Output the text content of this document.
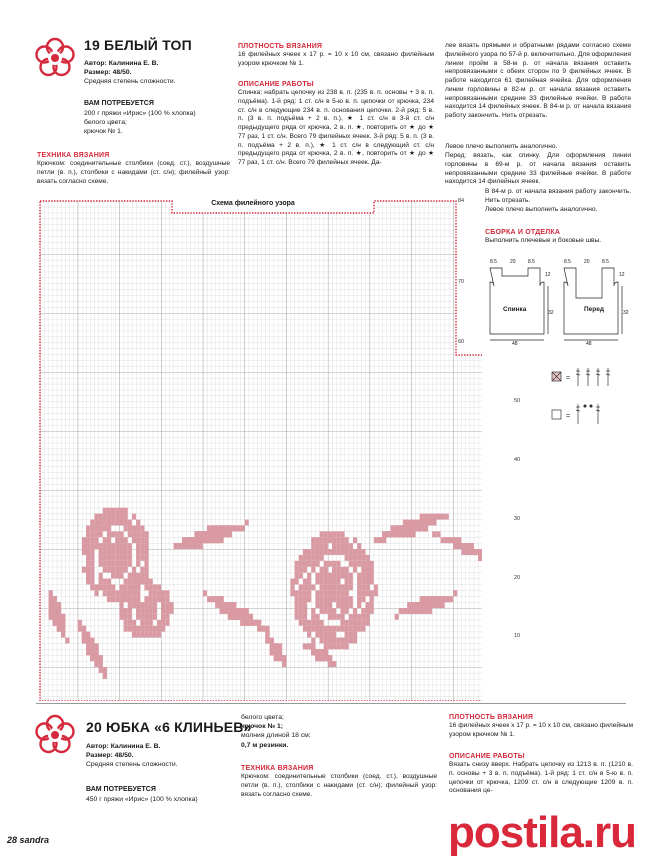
19 БЕЛЫЙ ТОП
Автор: Калинина Е. В.
Размер: 48/50.
Средняя степень сложности.
ВАМ ПОТРЕБУЕТСЯ
200 г пряжи «Ирис» (100 % хлопка)
белого цвета;
крючок № 1.
ТЕХНИКА ВЯЗАНИЯ
Крючком: соединительные столбики (соед. ст.), воздушные петли (в. п.), столбики с накидами (ст. с/н); филейный узор: вязать согласно схеме.
ПЛОТНОСТЬ ВЯЗАНИЯ
16 филейных ячеек x 17 р. = 10 x 10 см, связано филейным узором крючком № 1.
ОПИСАНИЕ РАБОТЫ
Спинка: набрать цепочку из 238 в. п. (235 в. п. основы + 3 в. п. подъёма). 1-й ряд: 1 ст. с/н в 5-ю в. п. цепочки от крючка, 234 ст. с/н в следующие 234 в. п. основания цепочки. 2-й ряд: 5 в. п. (3 в. п. подъёма + 2 в. п.), ★ 1 ст. с/н в 3-й ст. с/н предыдущего ряда от крючка, 2 в. п. ★, повторить от ★ до ★ 77 раз, 1 ст. с/н. Всего 79 филейных ячеек. 3-й ряд: 5 в. п. (3 в. п. подъёма + 2 в. п.), ★ 1 ст. с/н в следующий ст. с/н предыдущего ряда от крючка, 2 в. п. ★, повторить от ★ до ★ 77 раз, 1 ст. с/н. Всего 79 филейных ячеек. Да-
лее вязать прямыми и обратными рядами согласно схеме филейного узора по 57-й р. включительно. Для оформления линии пройм в 58-м р. от начала вязания оставить непровязанными с обеих сторон по 9 филейных ячеек. В работе находится 61 филейная ячейка. Для оформления линии горловины в 82-м р. от начала вязания оставить непровязанными средние 33 филейные ячейки. В работе находится 14 филейных ячеек. В 84-м р. от начала вязания работу закончить. Нить отрезать.
Левое плечо выполнить аналогично.
Перед: вязать, как спинку. Для оформления линии горловины в 69-м р. от начала вязания оставить непровязанными средние 33 филейные ячейки. В работе находится 14 филейных ячеек.
В 84-м р. от начала вязания работу закончить. Нить отрезать.
Левое плечо выполнить аналогично.
СБОРКА И ОТДЕЛКА
Выполнить плечевые и боковые швы.
Схема филейного узора	84
70
60
50
40
30
20
10
8.5	20 8.5	8.5	20 8.5
12	12
32	32
48	48
Спинка	Перед
=
=
20 ЮБКА «6 КЛИНЬЕВ»
Автор: Калинина Е. В.
Размер: 48/50.
Средняя степень сложности.
ВАМ ПОТРЕБУЕТСЯ
450 г пряжи «Ирис» (100 % хлопка)
белого цвета;
крючок № 1;
молния длиной 18 см;
0,7 м резинки.
ТЕХНИКА ВЯЗАНИЯ
Крючком: соединительные столбики (соед. ст.), воздушные петли (в. п.), столбики с накидами (ст. с/н); филейный узор: вязать согласно схеме.
ПЛОТНОСТЬ ВЯЗАНИЯ
16 филейных ячеек x 17 р. = 10 x 10 см, связано филейным узором крючком № 1.
ОПИСАНИЕ РАБОТЫ
Вязать снизу вверх. Набрать цепочку из 1213 в. п. (1210 в. п. основы + 3 в. п. подъёма). 1-й ряд: 1 ст. с/н в 5-ю в. п. цепочки от крючка, 1209 ст. с/н в следующие 1209 в. п. основания це-
28 sandra	postila.ru
